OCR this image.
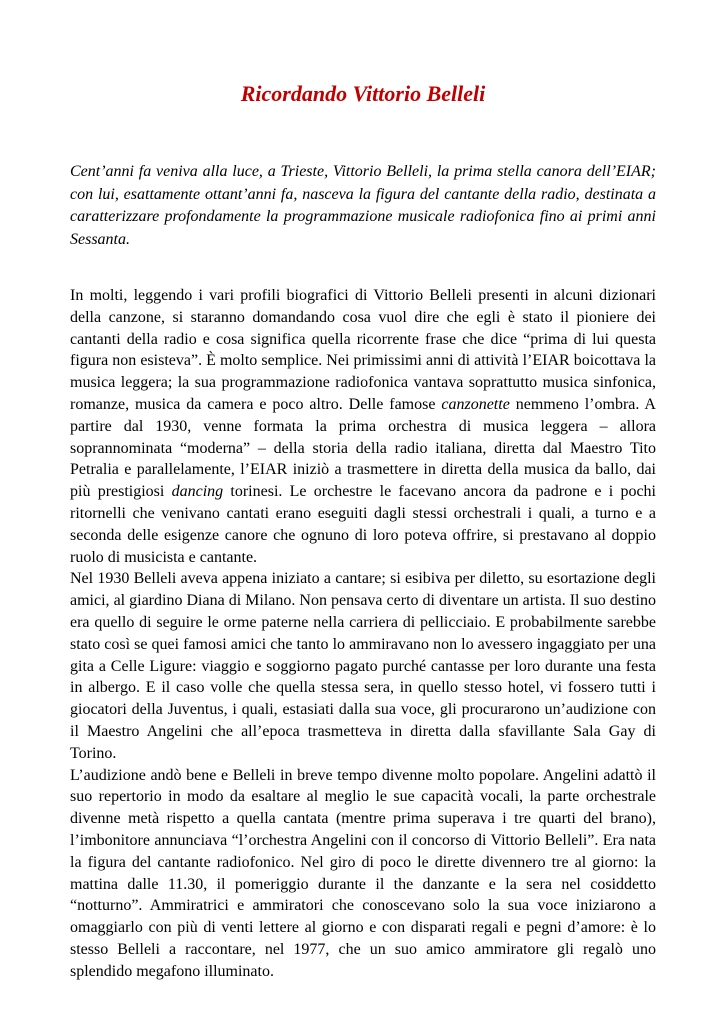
Ricordando Vittorio Belleli
Cent’anni fa veniva alla luce, a Trieste, Vittorio Belleli, la prima stella canora dell’EIAR; con lui, esattamente ottant’anni fa, nasceva la figura del cantante della radio, destinata a caratterizzare profondamente la programmazione musicale radiofonica fino ai primi anni Sessanta.

In molti, leggendo i vari profili biografici di Vittorio Belleli presenti in alcuni dizionari della canzone, si staranno domandando cosa vuol dire che egli è stato il pioniere dei cantanti della radio e cosa significa quella ricorrente frase che dice “prima di lui questa figura non esisteva”. È molto semplice. Nei primissimi anni di attività l’EIAR boicottava la musica leggera; la sua programmazione radiofonica vantava soprattutto musica sinfonica, romanze, musica da camera e poco altro. Delle famose canzonette nemmeno l’ombra. A partire dal 1930, venne formata la prima orchestra di musica leggera – allora soprannominata “moderna” – della storia della radio italiana, diretta dal Maestro Tito Petralia e parallelamente, l’EIAR iniziò a trasmettere in diretta della musica da ballo, dai più prestigiosi dancing torinesi. Le orchestre le facevano ancora da padrone e i pochi ritornelli che venivano cantati erano eseguiti dagli stessi orchestrali i quali, a turno e a seconda delle esigenze canore che ognuno di loro poteva offrire, si prestavano al doppio ruolo di musicista e cantante.

Nel 1930 Belleli aveva appena iniziato a cantare; si esibiva per diletto, su esortazione degli amici, al giardino Diana di Milano. Non pensava certo di diventare un artista. Il suo destino era quello di seguire le orme paterne nella carriera di pellicciaio. E probabilmente sarebbe stato così se quei famosi amici che tanto lo ammiravano non lo avessero ingaggiato per una gita a Celle Ligure: viaggio e soggiorno pagato purché cantasse per loro durante una festa in albergo. E il caso volle che quella stessa sera, in quello stesso hotel, vi fossero tutti i giocatori della Juventus, i quali, estasiati dalla sua voce, gli procurarono un’audizione con il Maestro Angelini che all’epoca trasmetteva in diretta dalla sfavillante Sala Gay di Torino.

L’audizione andò bene e Belleli in breve tempo divenne molto popolare. Angelini adattò il suo repertorio in modo da esaltare al meglio le sue capacità vocali, la parte orchestrale divenne metà rispetto a quella cantata (mentre prima superava i tre quarti del brano), l’imbonitore annunciava “l’orchestra Angelini con il concorso di Vittorio Belleli”. Era nata la figura del cantante radiofonico. Nel giro di poco le dirette divennero tre al giorno: la mattina dalle 11.30, il pomeriggio durante il the danzante e la sera nel cosiddetto “notturno”. Ammiratrici e ammiratori che conoscevano solo la sua voce iniziarono a omaggiarlo con più di venti lettere al giorno e con disparati regali e pegni d’amore: è lo stesso Belleli a raccontare, nel 1977, che un suo amico ammiratore gli regalò uno splendido megafono illuminato.
